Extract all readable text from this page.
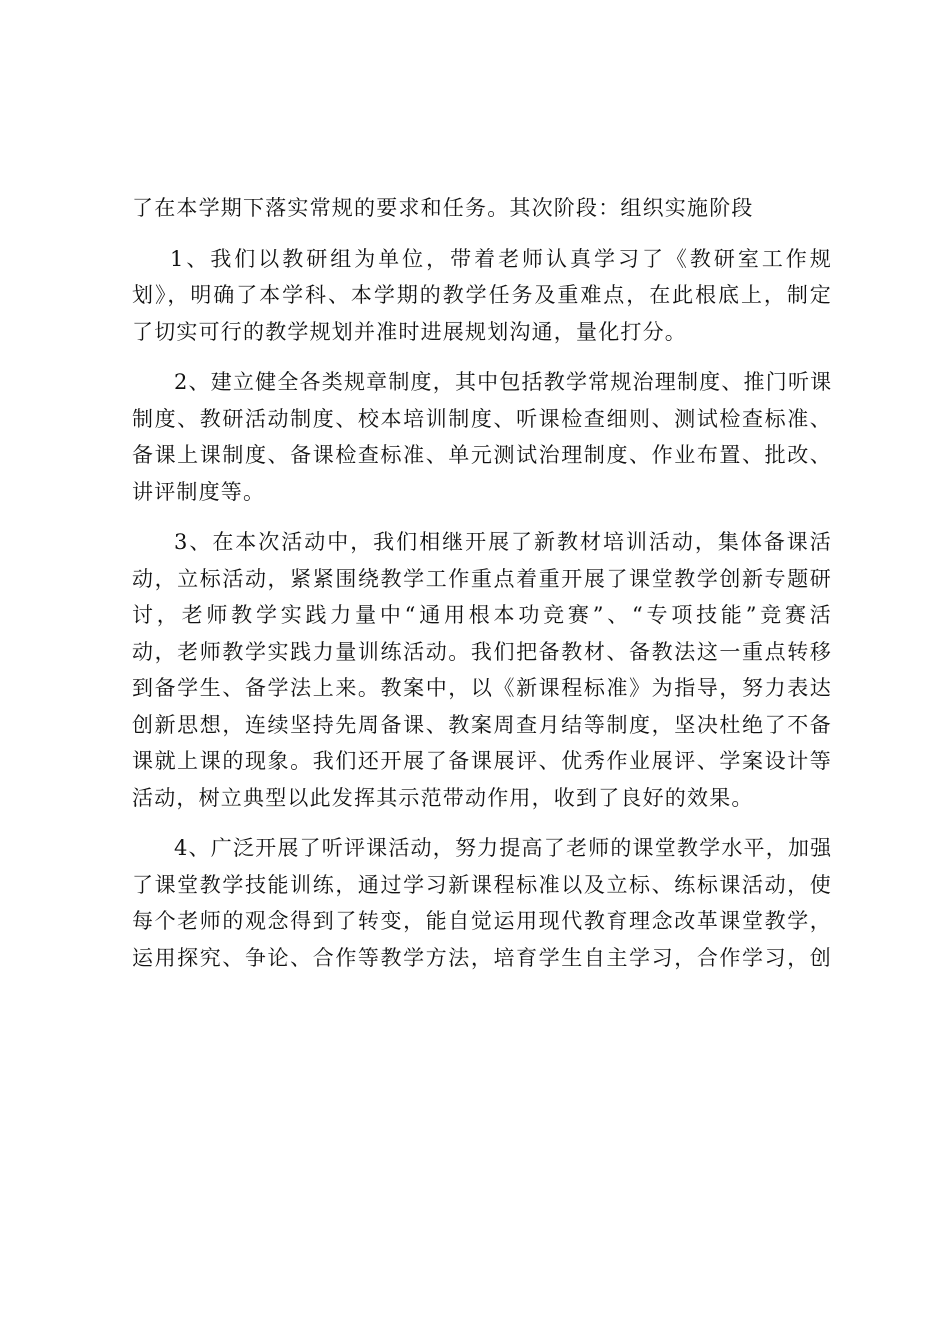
了在本学期下落实常规的要求和任务。其次阶段：组织实施阶段
1、我们以教研组为单位，带着老师认真学习了《教研室工作规
划》，明确了本学科、本学期的教学任务及重难点，在此根底上，制定
了切实可行的教学规划并准时进展规划沟通，量化打分。
2、建立健全各类规章制度，其中包括教学常规治理制度、推门听课
制度、教研活动制度、校本培训制度、听课检查细则、测试检查标准、
备课上课制度、备课检查标准、单元测试治理制度、作业布置、批改、
讲评制度等。
3、在本次活动中，我们相继开展了新教材培训活动，集体备课活
动，立标活动，紧紧围绕教学工作重点着重开展了课堂教学创新专题研
讨，老师教学实践力量中“通用根本功竞赛”、“专项技能”竞赛活
动，老师教学实践力量训练活动。我们把备教材、备教法这一重点转移
到备学生、备学法上来。教案中，以《新课程标准》为指导，努力表达
创新思想，连续坚持先周备课、教案周查月结等制度，坚决杜绝了不备
课就上课的现象。我们还开展了备课展评、优秀作业展评、学案设计等
活动，树立典型以此发挥其示范带动作用，收到了良好的效果。
4、广泛开展了听评课活动，努力提高了老师的课堂教学水平，加强
了课堂教学技能训练，通过学习新课程标准以及立标、练标课活动，使
每个老师的观念得到了转变，能自觉运用现代教育理念改革课堂教学，
运用探究、争论、合作等教学方法，培育学生自主学习，合作学习，创
